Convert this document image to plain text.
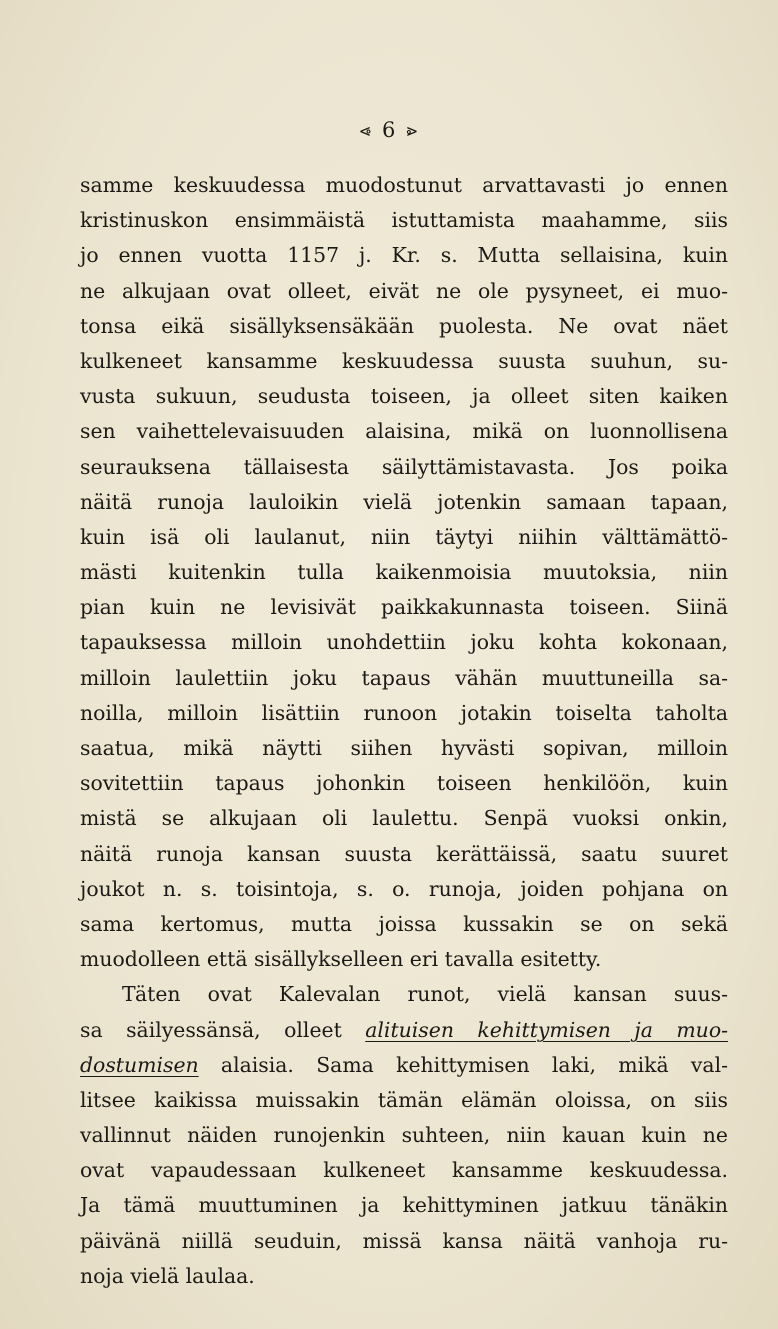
⩹ 6 ⩺
samme keskuudessa muodostunut arvattavasti jo ennen
kristinuskon ensimmäistä istuttamista maahamme, siis
jo ennen vuotta 1157 j. Kr. s. Mutta sellaisina, kuin
ne alkujaan ovat olleet, eivät ne ole pysyneet, ei muo-
tonsa eikä sisällyksensäkään puolesta. Ne ovat näet
kulkeneet kansamme keskuudessa suusta suuhun, su-
vusta sukuun, seudusta toiseen, ja olleet siten kaiken
sen vaihettelevaisuuden alaisina, mikä on luonnollisena
seurauksena tällaisesta säilyttämistavasta. Jos poika
näitä runoja lauloikin vielä jotenkin samaan tapaan,
kuin isä oli laulanut, niin täytyi niihin välttämättö-
mästi kuitenkin tulla kaikenmoisia muutoksia, niin
pian kuin ne levisivät paikkakunnasta toiseen. Siinä
tapauksessa milloin unohdettiin joku kohta kokonaan,
milloin laulettiin joku tapaus vähän muuttuneilla sa-
noilla, milloin lisättiin runoon jotakin toiselta taholta
saatua, mikä näytti siihen hyvästi sopivan, milloin
sovitettiin tapaus johonkin toiseen henkilöön, kuin
mistä se alkujaan oli laulettu. Senpä vuoksi onkin,
näitä runoja kansan suusta kerättäissä, saatu suuret
joukot n. s. toisintoja, s. o. runoja, joiden pohjana on
sama kertomus, mutta joissa kussakin se on sekä
muodolleen että sisällykselleen eri tavalla esitetty.
Täten ovat Kalevalan runot, vielä kansan suus-
sa säilyessänsä, olleet alituisen kehittymisen ja muo-
dostumisen alaisia. Sama kehittymisen laki, mikä val-
litsee kaikissa muissakin tämän elämän oloissa, on siis
vallinnut näiden runojenkin suhteen, niin kauan kuin ne
ovat vapaudessaan kulkeneet kansamme keskuudessa.
Ja tämä muuttuminen ja kehittyminen jatkuu tänäkin
päivänä niillä seuduin, missä kansa näitä vanhoja ru-
noja vielä laulaa.
